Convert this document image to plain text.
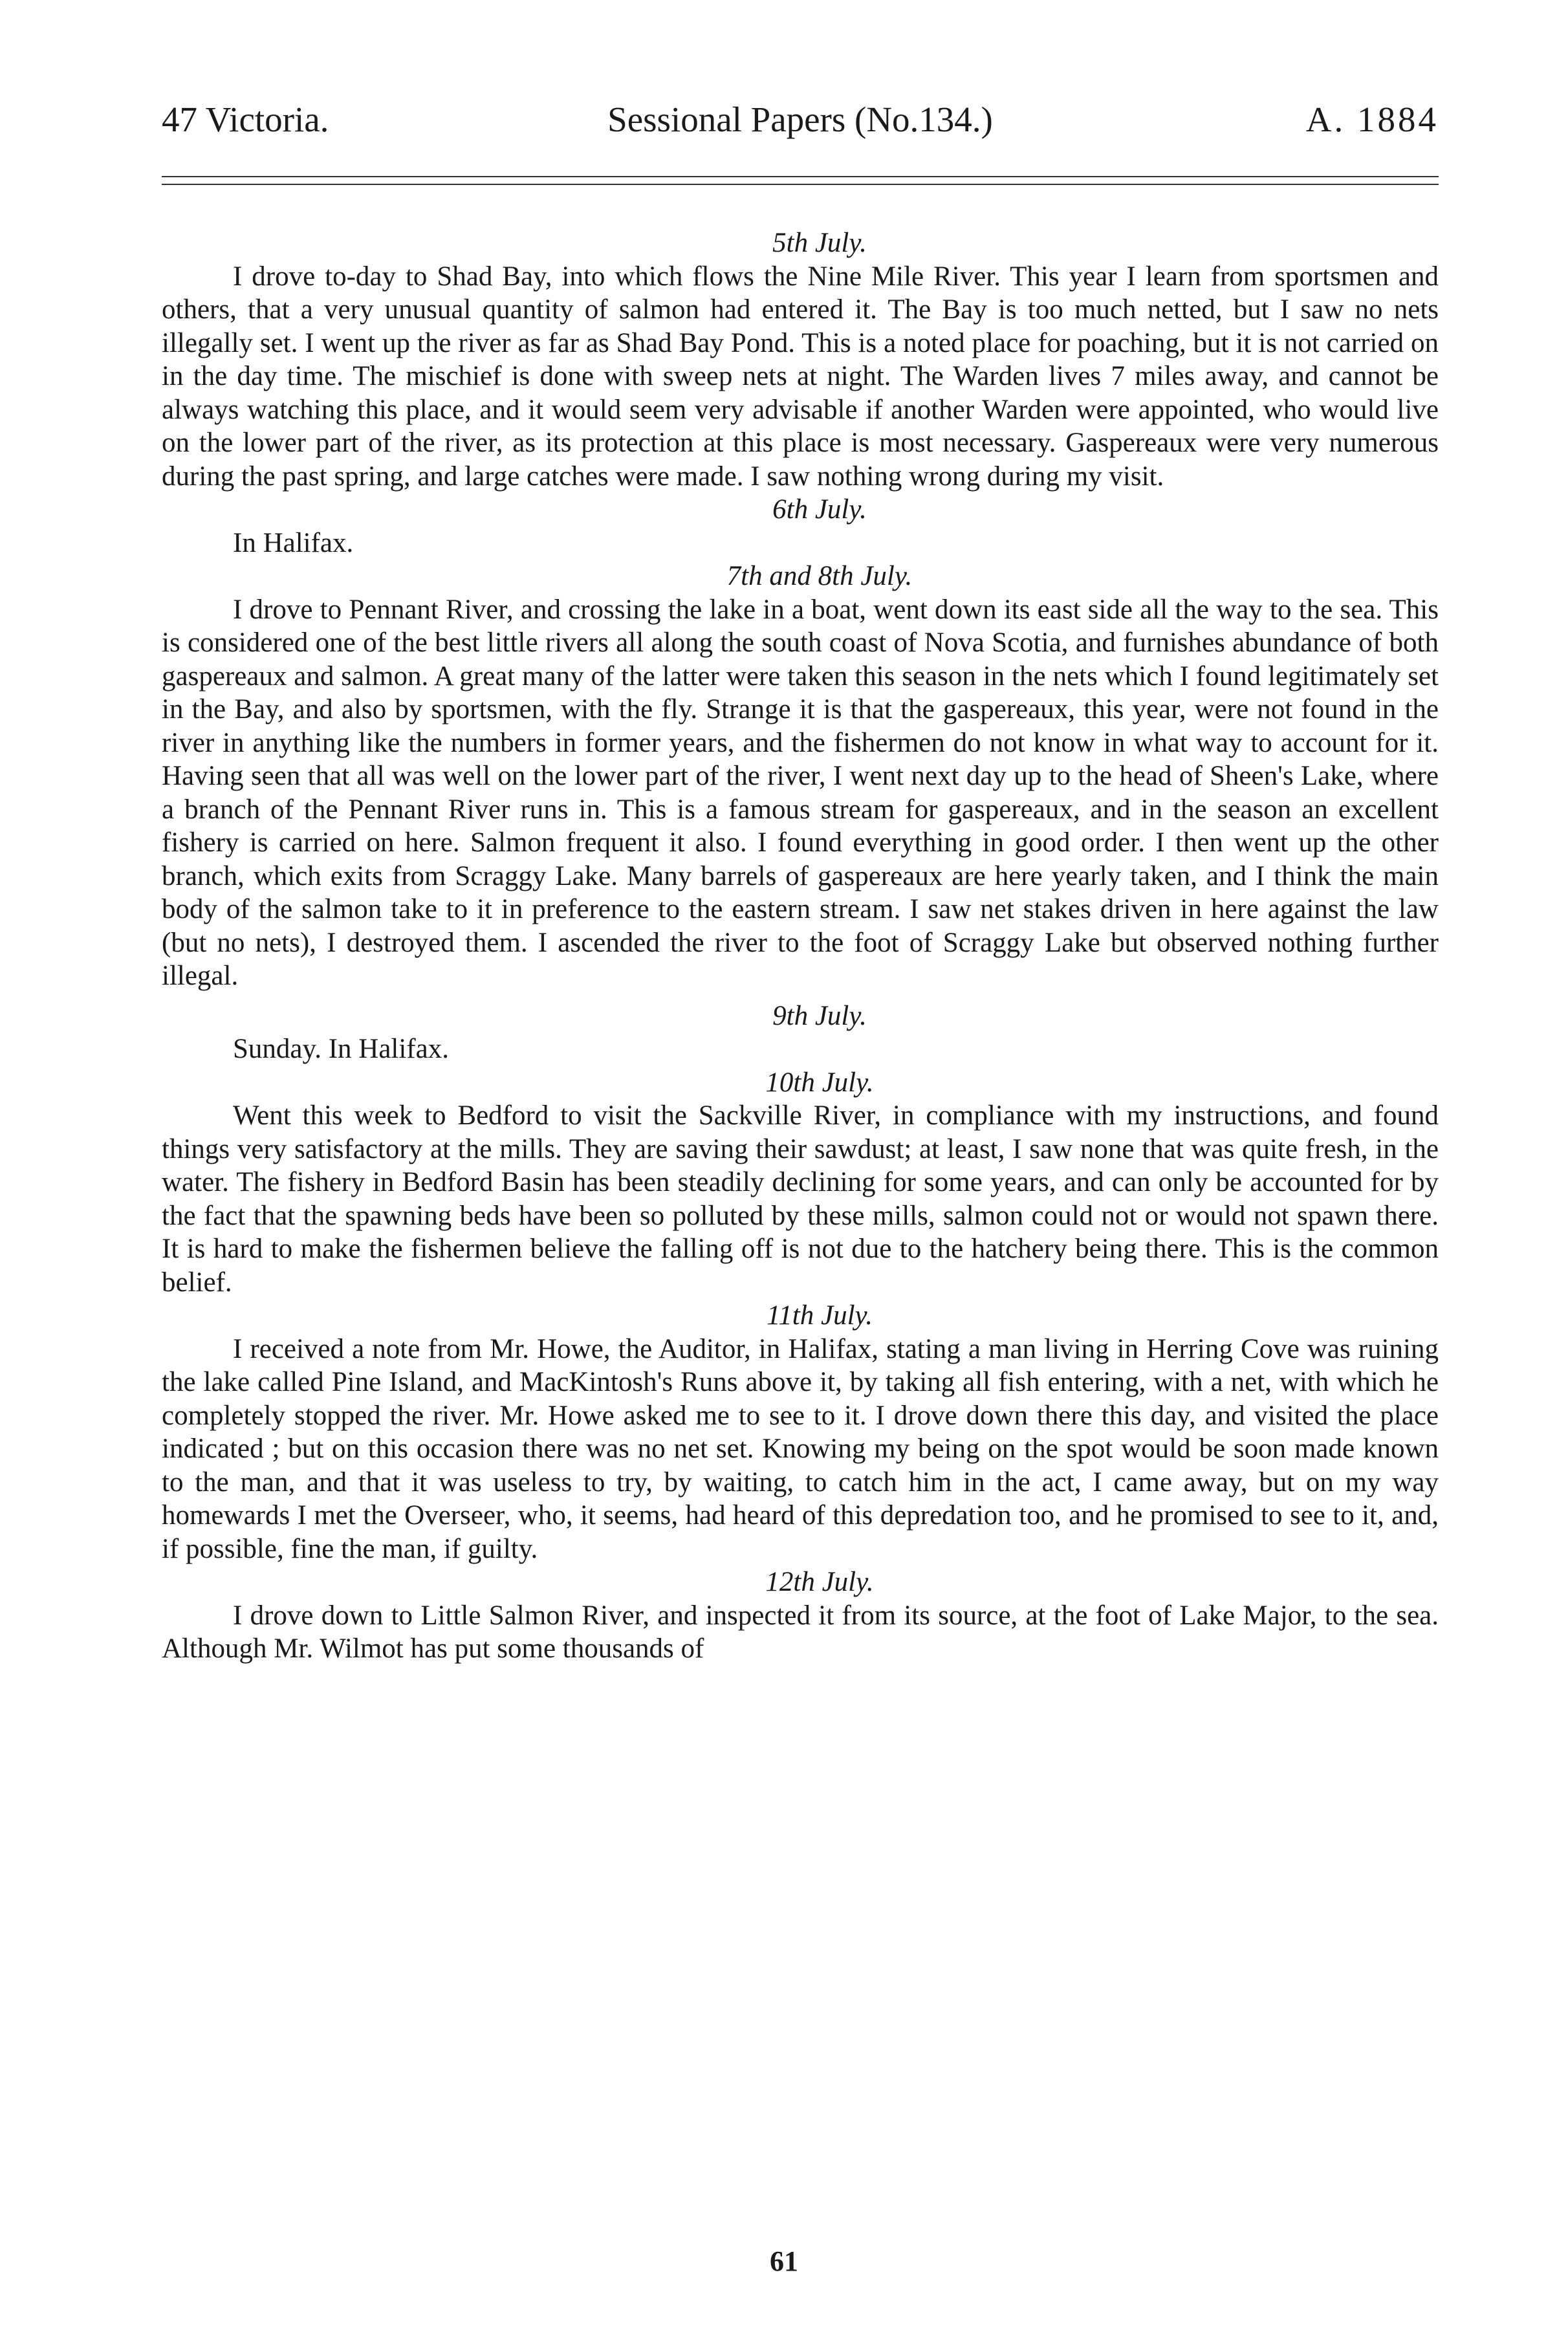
47 Victoria.	Sessional Papers (No.134.)	A. 1884

5th July.

I drove to-day to Shad Bay, into which flows the Nine Mile River. This year I learn from sportsmen and others, that a very unusual quantity of salmon had entered it. The Bay is too much netted, but I saw no nets illegally set. I went up the river as far as Shad Bay Pond. This is a noted place for poaching, but it is not carried on in the day time. The mischief is done with sweep nets at night. The Warden lives 7 miles away, and cannot be always watching this place, and it would seem very advisable if another Warden were appointed, who would live on the lower part of the river, as its protection at this place is most necessary. Gaspereaux were very numerous during the past spring, and large catches were made. I saw nothing wrong during my visit.

6th July.

In Halifax.

7th and 8th July.

I drove to Pennant River, and crossing the lake in a boat, went down its east side all the way to the sea. This is considered one of the best little rivers all along the south coast of Nova Scotia, and furnishes abundance of both gaspereaux and salmon. A great many of the latter were taken this season in the nets which I found legitimately set in the Bay, and also by sportsmen, with the fly. Strange it is that the gaspereaux, this year, were not found in the river in anything like the numbers in former years, and the fishermen do not know in what way to account for it. Having seen that all was well on the lower part of the river, I went next day up to the head of Sheen's Lake, where a branch of the Pennant River runs in. This is a famous stream for gaspereaux, and in the season an excellent fishery is carried on here. Salmon frequent it also. I found everything in good order. I then went up the other branch, which exits from Scraggy Lake. Many barrels of gaspereaux are here yearly taken, and I think the main body of the salmon take to it in preference to the eastern stream. I saw net stakes driven in here against the law (but no nets), I destroyed them. I ascended the river to the foot of Scraggy Lake but observed nothing further illegal.

9th July.

Sunday. In Halifax.

10th July.

Went this week to Bedford to visit the Sackville River, in compliance with my instructions, and found things very satisfactory at the mills. They are saving their sawdust; at least, I saw none that was quite fresh, in the water. The fishery in Bedford Basin has been steadily declining for some years, and can only be accounted for by the fact that the spawning beds have been so polluted by these mills, salmon could not or would not spawn there. It is hard to make the fishermen believe the falling off is not due to the hatchery being there. This is the common belief.

11th July.

I received a note from Mr. Howe, the Auditor, in Halifax, stating a man living in Herring Cove was ruining the lake called Pine Island, and MacKintosh's Runs above it, by taking all fish entering, with a net, with which he completely stopped the river. Mr. Howe asked me to see to it. I drove down there this day, and visited the place indicated ; but on this occasion there was no net set. Knowing my being on the spot would be soon made known to the man, and that it was useless to try, by waiting, to catch him in the act, I came away, but on my way homewards I met the Overseer, who, it seems, had heard of this depredation too, and he promised to see to it, and, if possible, fine the man, if guilty.

12th July.

I drove down to Little Salmon River, and inspected it from its source, at the foot of Lake Major, to the sea. Although Mr. Wilmot has put some thousands of

61
